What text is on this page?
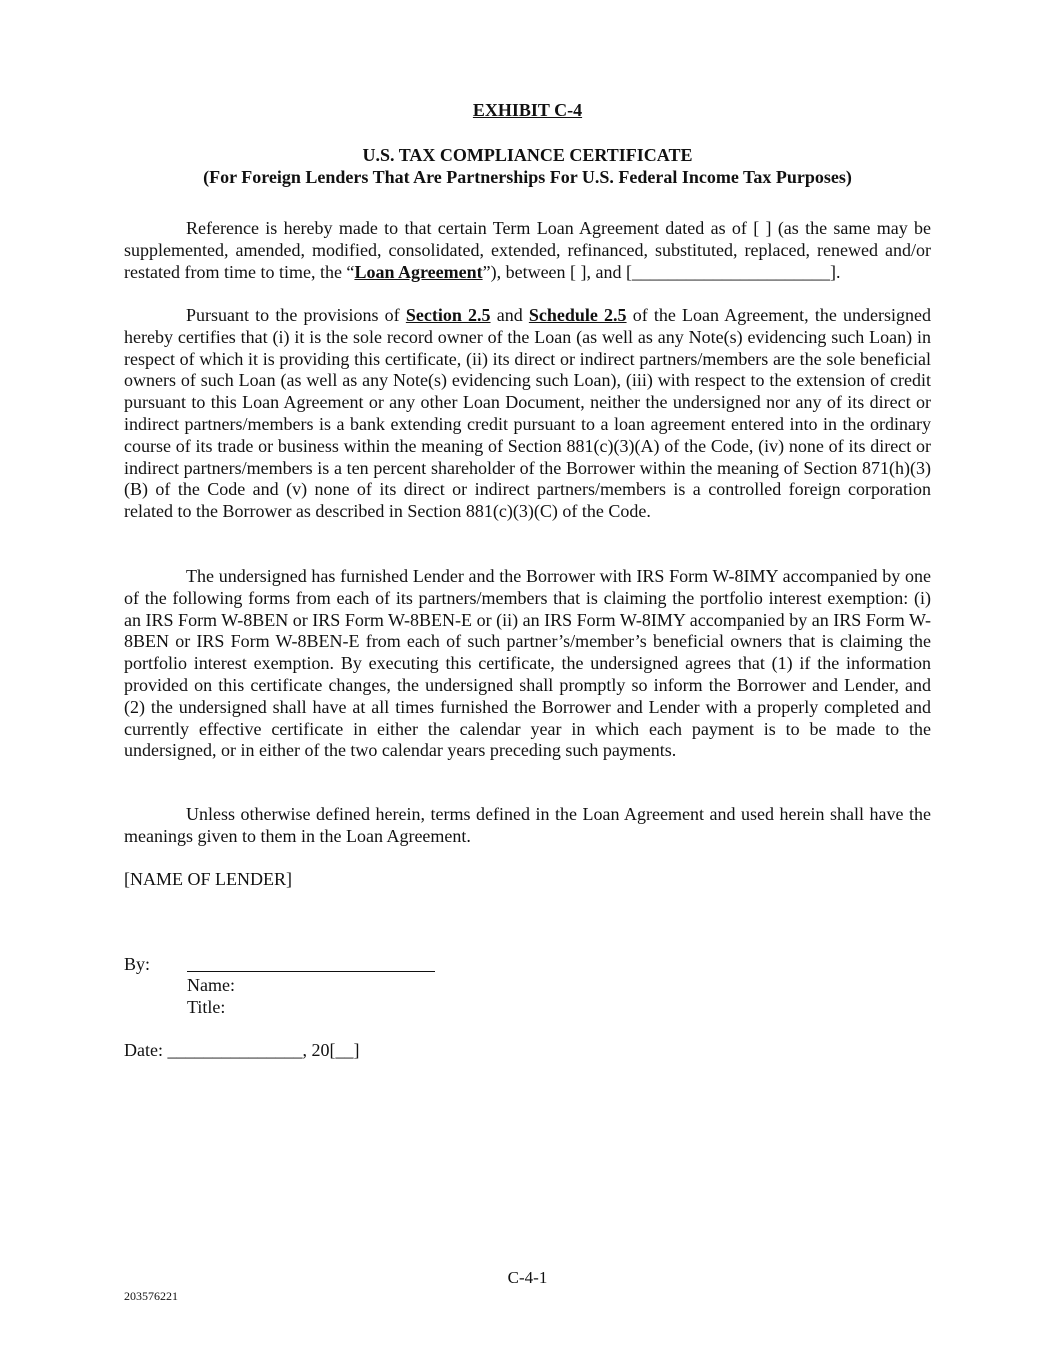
EXHIBIT C-4
U.S. TAX COMPLIANCE CERTIFICATE
(For Foreign Lenders That Are Partnerships For U.S. Federal Income Tax Purposes)

Reference is hereby made to that certain Term Loan Agreement dated as of [ ] (as the same may be supplemented, amended, modified, consolidated, extended, refinanced, substituted, replaced, renewed and/or restated from time to time, the “Loan Agreement”), between [ ], and [______________________].

Pursuant to the provisions of Section 2.5 and Schedule 2.5 of the Loan Agreement, the undersigned hereby certifies that (i) it is the sole record owner of the Loan (as well as any Note(s) evidencing such Loan) in respect of which it is providing this certificate, (ii) its direct or indirect partners/members are the sole beneficial owners of such Loan (as well as any Note(s) evidencing such Loan), (iii) with respect to the extension of credit pursuant to this Loan Agreement or any other Loan Document, neither the undersigned nor any of its direct or indirect partners/members is a bank extending credit pursuant to a loan agreement entered into in the ordinary course of its trade or business within the meaning of Section 881(c)(3)(A) of the Code, (iv) none of its direct or indirect partners/members is a ten percent shareholder of the Borrower within the meaning of Section 871(h)(3)(B) of the Code and (v) none of its direct or indirect partners/members is a controlled foreign corporation related to the Borrower as described in Section 881(c)(3)(C) of the Code.

The undersigned has furnished Lender and the Borrower with IRS Form W-8IMY accompanied by one of the following forms from each of its partners/members that is claiming the portfolio interest exemption: (i) an IRS Form W-8BEN or IRS Form W-8BEN-E or (ii) an IRS Form W-8IMY accompanied by an IRS Form W-8BEN or IRS Form W-8BEN-E from each of such partner’s/member’s beneficial owners that is claiming the portfolio interest exemption. By executing this certificate, the undersigned agrees that (1) if the information provided on this certificate changes, the undersigned shall promptly so inform the Borrower and Lender, and (2) the undersigned shall have at all times furnished the Borrower and Lender with a properly completed and currently effective certificate in either the calendar year in which each payment is to be made to the undersigned, or in either of the two calendar years preceding such payments.

Unless otherwise defined herein, terms defined in the Loan Agreement and used herein shall have the meanings given to them in the Loan Agreement.

[NAME OF LENDER]
By:
Name:
Title:
Date: _______________, 20[__]
C-4-1
203576221
